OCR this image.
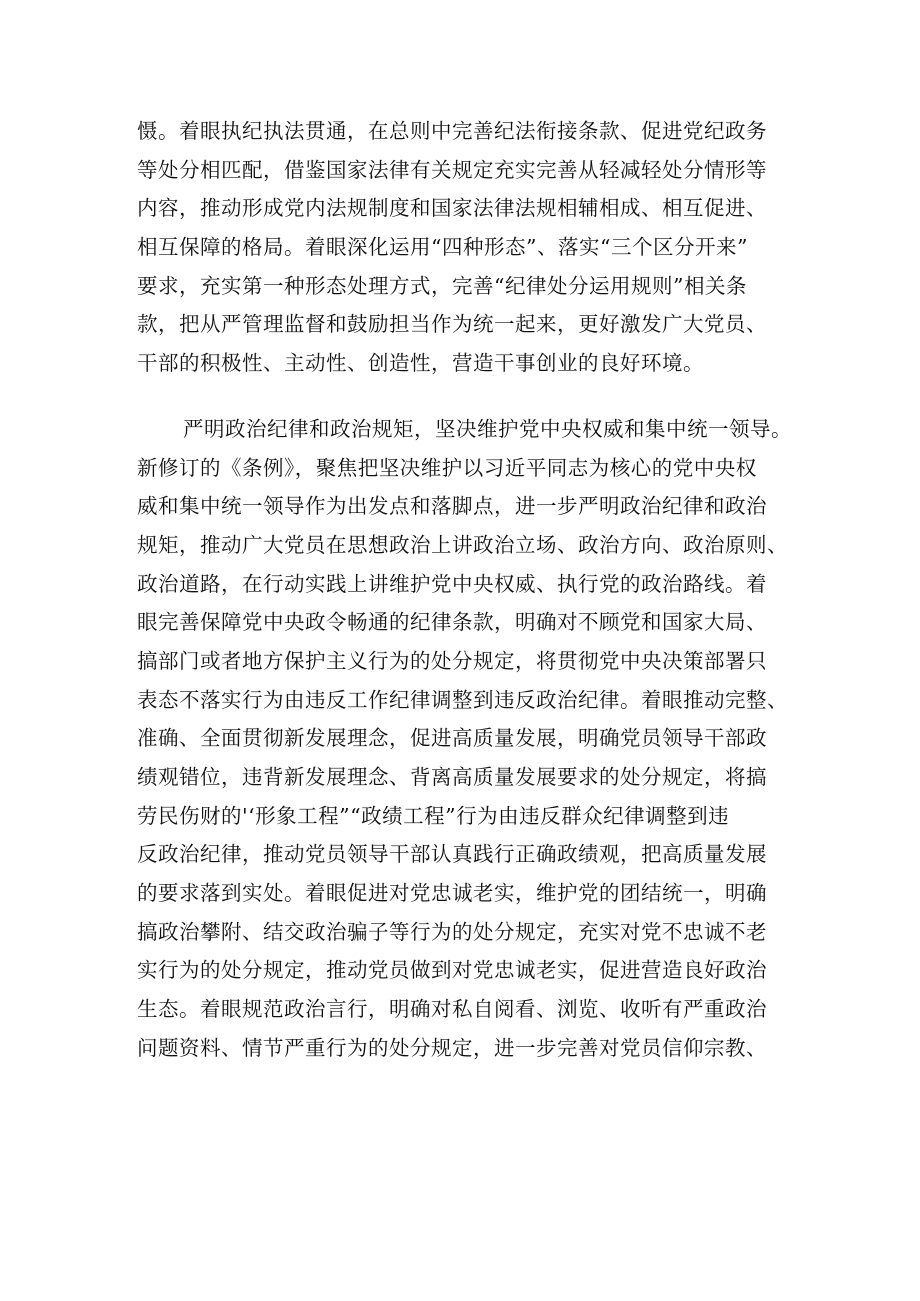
慑。着眼执纪执法贯通，在总则中完善纪法衔接条款、促进党纪政务
等处分相匹配，借鉴国家法律有关规定充实完善从轻减轻处分情形等
内容，推动形成党内法规制度和国家法律法规相辅相成、相互促进、
相互保障的格局。着眼深化运用“四种形态”、落实“三个区分开来”
要求，充实第一种形态处理方式，完善“纪律处分运用规则”相关条
款，把从严管理监督和鼓励担当作为统一起来，更好激发广大党员、
干部的积极性、主动性、创造性，营造干事创业的良好环境。
严明政治纪律和政治规矩，坚决维护党中央权威和集中统一领导。
新修订的《条例》，聚焦把坚决维护以习近平同志为核心的党中央权
威和集中统一领导作为出发点和落脚点，进一步严明政治纪律和政治
规矩，推动广大党员在思想政治上讲政治立场、政治方向、政治原则、
政治道路，在行动实践上讲维护党中央权威、执行党的政治路线。着
眼完善保障党中央政令畅通的纪律条款，明确对不顾党和国家大局、
搞部门或者地方保护主义行为的处分规定，将贯彻党中央决策部署只
表态不落实行为由违反工作纪律调整到违反政治纪律。着眼推动完整、
准确、全面贯彻新发展理念，促进高质量发展，明确党员领导干部政
绩观错位，违背新发展理念、背离高质量发展要求的处分规定，将搞
劳民伤财的'‘形象工程”“政绩工程”行为由违反群众纪律调整到违
反政治纪律，推动党员领导干部认真践行正确政绩观，把高质量发展
的要求落到实处。着眼促进对党忠诚老实，维护党的团结统一，明确
搞政治攀附、结交政治骗子等行为的处分规定，充实对党不忠诚不老
实行为的处分规定，推动党员做到对党忠诚老实，促进营造良好政治
生态。着眼规范政治言行，明确对私自阅看、浏览、收听有严重政治
问题资料、情节严重行为的处分规定，进一步完善对党员信仰宗教、
